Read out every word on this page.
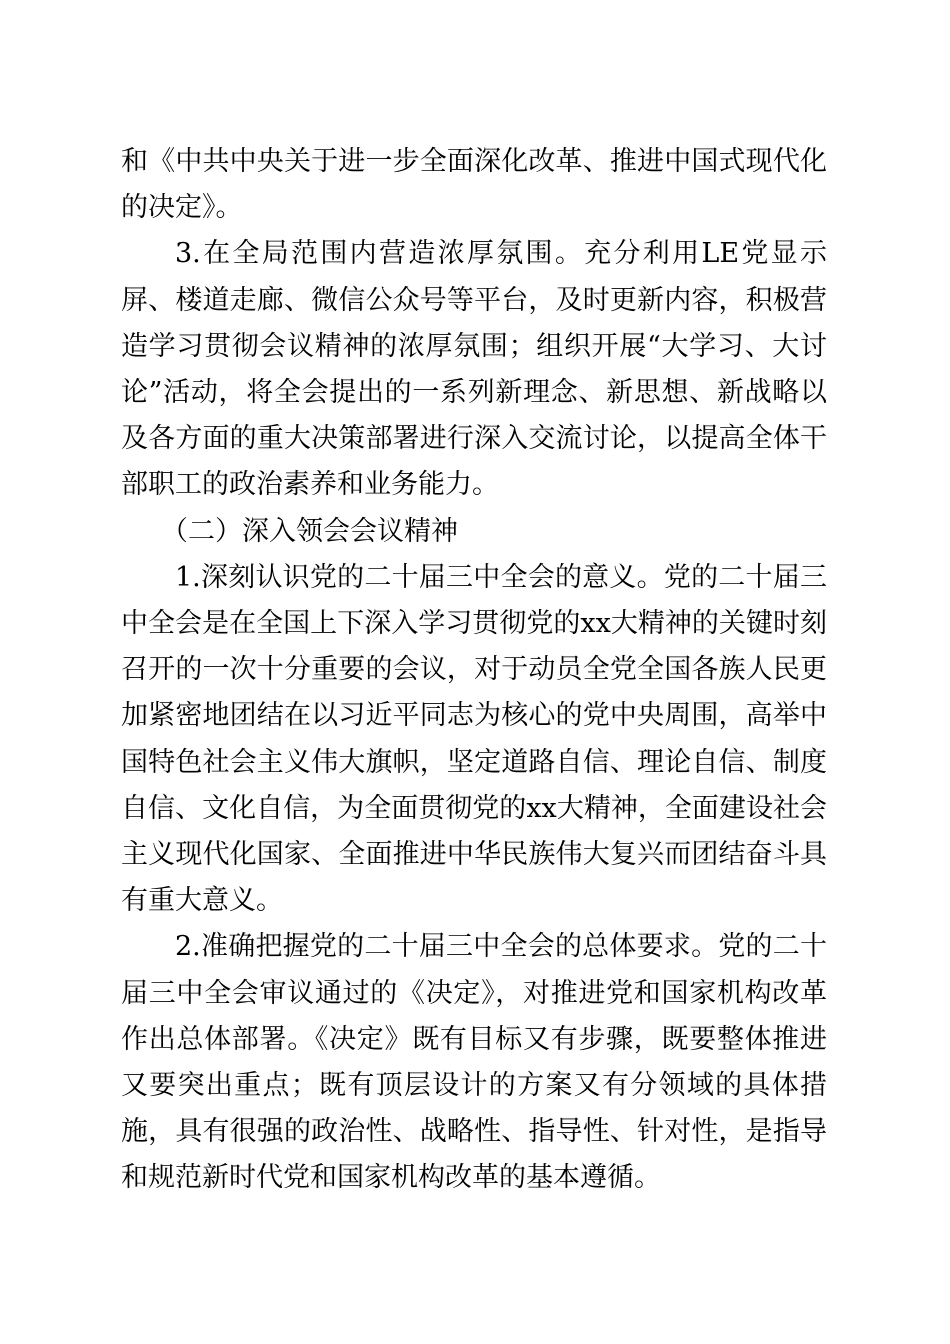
和《中共中央关于进一步全面深化改革、推进中国式现代化的决定》。

3.在全局范围内营造浓厚氛围。充分利用LE党显示屏、楼道走廊、微信公众号等平台，及时更新内容，积极营造学习贯彻会议精神的浓厚氛围；组织开展“大学习、大讨论”活动，将全会提出的一系列新理念、新思想、新战略以及各方面的重大决策部署进行深入交流讨论，以提高全体干部职工的政治素养和业务能力。

（二）深入领会会议精神

1.深刻认识党的二十届三中全会的意义。党的二十届三中全会是在全国上下深入学习贯彻党的xx大精神的关键时刻召开的一次十分重要的会议，对于动员全党全国各族人民更加紧密地团结在以习近平同志为核心的党中央周围，高举中国特色社会主义伟大旗帜，坚定道路自信、理论自信、制度自信、文化自信，为全面贯彻党的xx大精神，全面建设社会主义现代化国家、全面推进中华民族伟大复兴而团结奋斗具有重大意义。

2.准确把握党的二十届三中全会的总体要求。党的二十届三中全会审议通过的《决定》，对推进党和国家机构改革作出总体部署。《决定》既有目标又有步骤，既要整体推进又要突出重点；既有顶层设计的方案又有分领域的具体措施，具有很强的政治性、战略性、指导性、针对性，是指导和规范新时代党和国家机构改革的基本遵循。
